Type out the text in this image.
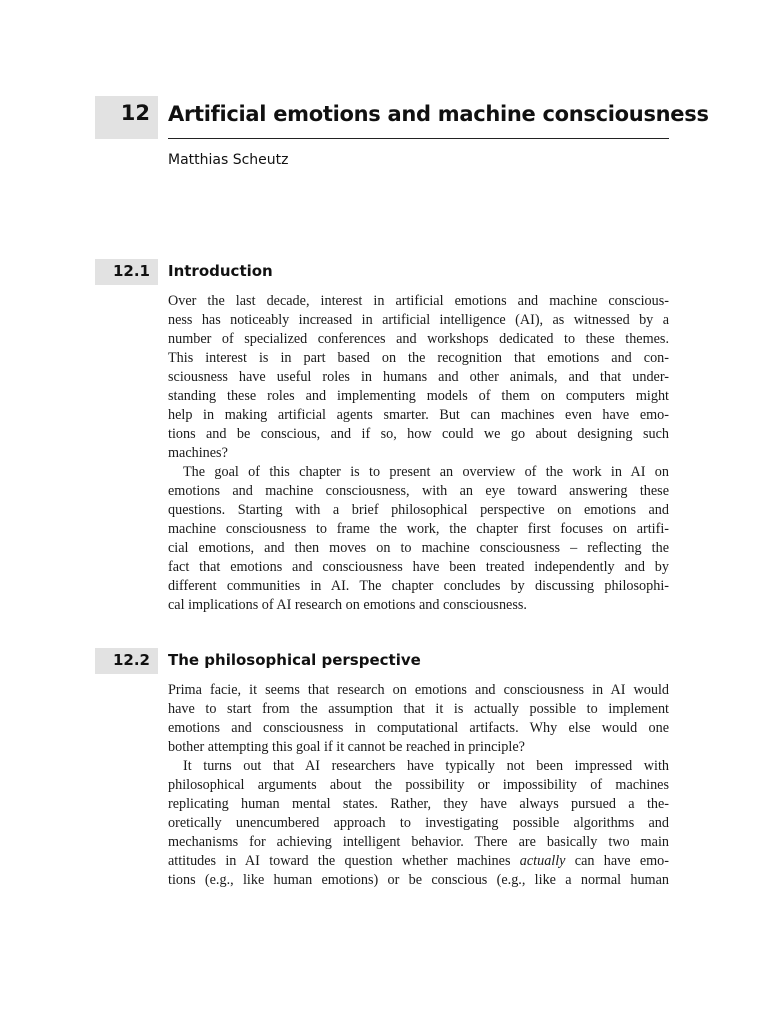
12 Artificial emotions and machine consciousness
Matthias Scheutz
12.1 Introduction
Over the last decade, interest in artificial emotions and machine conscious-
ness has noticeably increased in artificial intelligence (AI), as witnessed by a
number of specialized conferences and workshops dedicated to these themes.
This interest is in part based on the recognition that emotions and con-
sciousness have useful roles in humans and other animals, and that under-
standing these roles and implementing models of them on computers might
help in making artificial agents smarter. But can machines even have emo-
tions and be conscious, and if so, how could we go about designing such
machines?
The goal of this chapter is to present an overview of the work in AI on
emotions and machine consciousness, with an eye toward answering these
questions. Starting with a brief philosophical perspective on emotions and
machine consciousness to frame the work, the chapter first focuses on artifi-
cial emotions, and then moves on to machine consciousness – reflecting the
fact that emotions and consciousness have been treated independently and by
different communities in AI. The chapter concludes by discussing philosophi-
cal implications of AI research on emotions and consciousness.
12.2 The philosophical perspective
Prima facie, it seems that research on emotions and consciousness in AI would
have to start from the assumption that it is actually possible to implement
emotions and consciousness in computational artifacts. Why else would one
bother attempting this goal if it cannot be reached in principle?
It turns out that AI researchers have typically not been impressed with
philosophical arguments about the possibility or impossibility of machines
replicating human mental states. Rather, they have always pursued a the-
oretically unencumbered approach to investigating possible algorithms and
mechanisms for achieving intelligent behavior. There are basically two main
attitudes in AI toward the question whether machines actually can have emo-
tions (e.g., like human emotions) or be conscious (e.g., like a normal human
